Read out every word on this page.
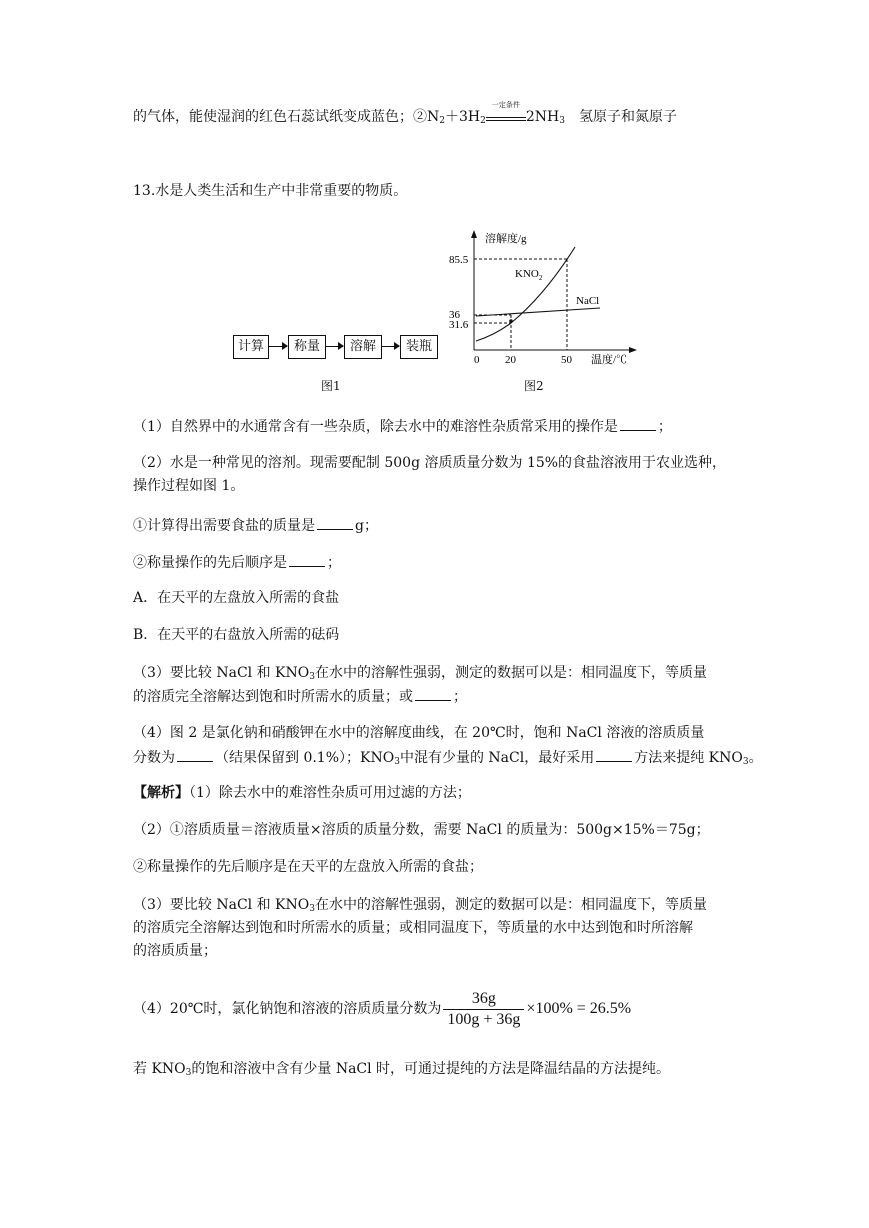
的气体，能使湿润的红色石蕊试纸变成蓝色；$②N_2+3H_2$
一定条件
$2NH_3$ 氢原子和氮原子
13.水是人类生活和生产中非常重要的物质。
计算	称量	溶解	装瓶
图1
溶解度/g
$KNO_2$
NaCl
85.5
36
31.6
0 20	50 温度/℃
图2
（1）自然界中的水通常含有一些杂质，除去水中的难溶性杂质常采用的操作是	；
（2）水是一种常见的溶剂。现需要配制 500g 溶质质量分数为 15%的食盐溶液用于农业选种，
操作过程如图 1。
①计算得出需要食盐的质量是	g；
②称量操作的先后顺序是	；
A．在天平的左盘放入所需的食盐
B．在天平的右盘放入所需的砝码
（3）要比较 NaCl 和 $KNO_3$在水中的溶解性强弱，测定的数据可以是：相同温度下，等质量
的溶质完全溶解达到饱和时所需水的质量；或	；
（4）图 2 是氯化钠和硝酸钾在水中的溶解度曲线，在 20℃时，饱和 NaCl 溶液的溶质质量
分数为	（结果保留到 0.1%）；$KNO_3$中混有少量的 NaCl，最好采用	方法来提纯 $KNO_3$。
【解析】（1）除去水中的难溶性杂质可用过滤的方法；
（2）①溶质质量＝溶液质量×溶质的质量分数，需要 NaCl 的质量为：500g×15%＝75g；
②称量操作的先后顺序是在天平的左盘放入所需的食盐；
（3）要比较 NaCl 和 $KNO_3$在水中的溶解性强弱，测定的数据可以是：相同温度下，等质量
的溶质完全溶解达到饱和时所需水的质量；或相同温度下，等质量的水中达到饱和时所溶解
的溶质质量；
（4）20℃时，氯化钠饱和溶液的溶质质量分数为 $\frac{36g}{100g + 36g} \times 100\% = 26.5\%$
若 $KNO_3$的饱和溶液中含有少量 NaCl 时，可通过提纯的方法是降温结晶的方法提纯。
